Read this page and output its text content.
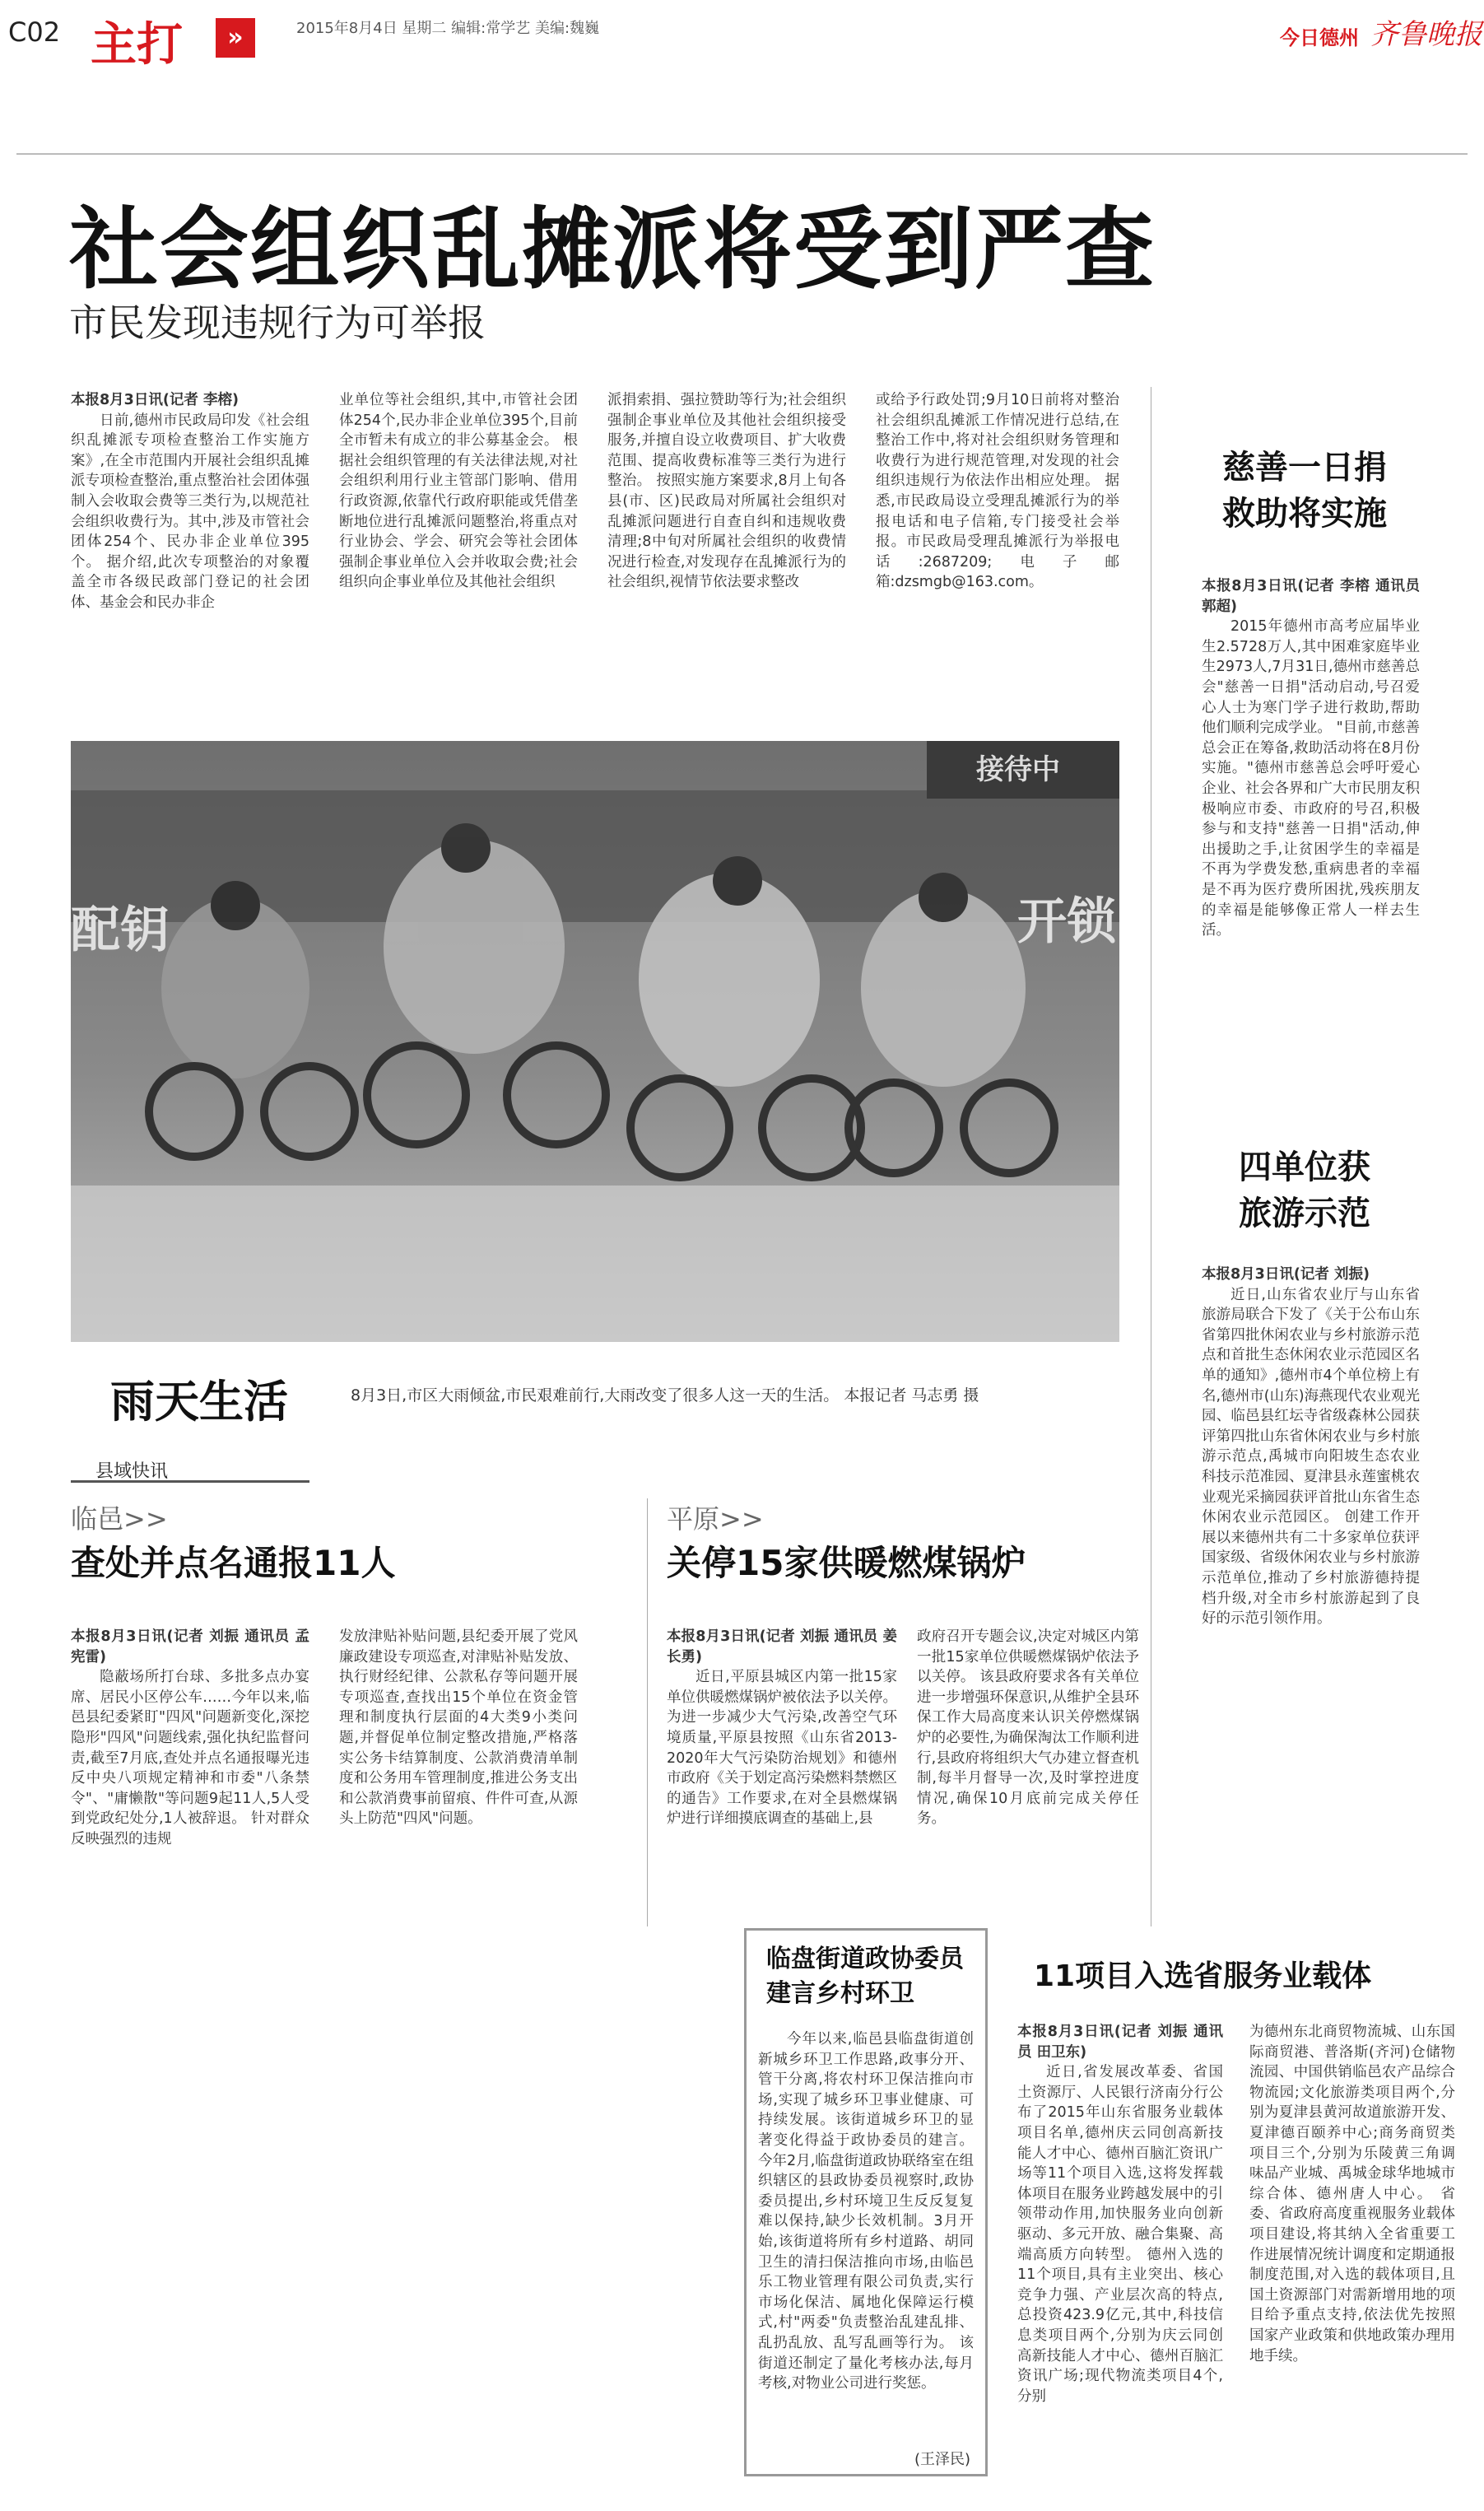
C02 主打	»	2015年8月4日 星期二 编辑:常学艺 美编:魏巍	今日德州 齐鲁晚报
社会组织乱摊派将受到严查
市民发现违规行为可举报

本报8月3日讯(记者 李榕)

日前,德州市民政局印发《社会组织乱摊派专项检查整治工作实施方案》,在全市范围内开展社会组织乱摊派专项检查整治,重点整治社会团体强制入会收取会费等三类行为,以规范社会组织收费行为。其中,涉及市管社会团体254个、民办非企业单位395个。 据介绍,此次专项整治的对象覆盖全市各级民政部门登记的社会团体、基金会和民办非企

业单位等社会组织,其中,市管社会团体254个,民办非企业单位395个,目前全市暂未有成立的非公募基金会。 根据社会组织管理的有关法律法规,对社会组织利用行业主管部门影响、借用行政资源,依靠代行政府职能或凭借垄断地位进行乱摊派问题整治,将重点对行业协会、学会、研究会等社会团体强制企事业单位入会并收取会费;社会组织向企事业单位及其他社会组织

派捐索捐、强拉赞助等行为;社会组织强制企事业单位及其他社会组织接受服务,并擅自设立收费项目、扩大收费范围、提高收费标准等三类行为进行整治。 按照实施方案要求,8月上旬各县(市、区)民政局对所属社会组织对乱摊派问题进行自查自纠和违规收费清理;8中旬对所属社会组织的收费情况进行检查,对发现存在乱摊派行为的社会组织,视情节依法要求整改

或给予行政处罚;9月10日前将对整治社会组织乱摊派工作情况进行总结,在整治工作中,将对社会组织财务管理和收费行为进行规范管理,对发现的社会组织违规行为依法作出相应处理。 据悉,市民政局设立受理乱摊派行为的举报电话和电子信箱,专门接受社会举报。市民政局受理乱摊派行为举报电话:2687209;电子邮箱:dzsmgb@163.com。

慈善一日捐
救助将实施

本报8月3日讯(记者 李榕 通讯员 郭超)

2015年德州市高考应届毕业生2.5728万人,其中困难家庭毕业生2973人,7月31日,德州市慈善总会"慈善一日捐"活动启动,号召爱心人士为寒门学子进行救助,帮助他们顺利完成学业。 "目前,市慈善总会正在筹备,救助活动将在8月份实施。"德州市慈善总会呼吁爱心企业、社会各界和广大市民朋友积极响应市委、市政府的号召,积极参与和支持"慈善一日捐"活动,伸出援助之手,让贫困学生的幸福是不再为学费发愁,重病患者的幸福是不再为医疗费所困扰,残疾朋友的幸福是能够像正常人一样去生活。

四单位获
旅游示范

本报8月3日讯(记者 刘振)

近日,山东省农业厅与山东省旅游局联合下发了《关于公布山东省第四批休闲农业与乡村旅游示范点和首批生态休闲农业示范园区名单的通知》,德州市4个单位榜上有名,德州市(山东)海燕现代农业观光园、临邑县红坛寺省级森林公园获评第四批山东省休闲农业与乡村旅游示范点,禹城市向阳坡生态农业科技示范准园、夏津县永莲蜜桃农业观光采摘园获评首批山东省生态休闲农业示范园区。 创建工作开展以来德州共有二十多家单位获评国家级、省级休闲农业与乡村旅游示范单位,推动了乡村旅游德持提档升级,对全市乡村旅游起到了良好的示范引领作用。

接待中
开锁
配钥
雨天生活	8月3日,市区大雨倾盆,市民艰难前行,大雨改变了很多人这一天的生活。 本报记者 马志勇 摄
县域快讯
临邑>>
查处并点名通报11人

本报8月3日讯(记者 刘振 通讯员 孟宪雷)

隐蔽场所打台球、多批多点办宴席、居民小区停公车……今年以来,临邑县纪委紧盯"四风"问题新变化,深挖隐形"四风"问题线索,强化执纪监督问责,截至7月底,查处并点名通报曝光违反中央八项规定精神和市委"八条禁令"、"庸懒散"等问题9起11人,5人受到党政纪处分,1人被辞退。 针对群众反映强烈的违规

发放津贴补贴问题,县纪委开展了党风廉政建设专项巡查,对津贴补贴发放、执行财经纪律、公款私存等问题开展专项巡查,查找出15个单位在资金管理和制度执行层面的4大类9小类问题,并督促单位制定整改措施,严格落实公务卡结算制度、公款消费清单制度和公务用车管理制度,推进公务支出和公款消费事前留痕、件件可查,从源头上防范"四风"问题。

平原>>
关停15家供暖燃煤锅炉

本报8月3日讯(记者 刘振 通讯员 姜长勇)

近日,平原县城区内第一批15家单位供暖燃煤锅炉被依法予以关停。 为进一步减少大气污染,改善空气环境质量,平原县按照《山东省2013-2020年大气污染防治规划》和德州市政府《关于划定高污染燃料禁燃区的通告》工作要求,在对全县燃煤锅炉进行详细摸底调查的基础上,县

政府召开专题会议,决定对城区内第一批15家单位供暖燃煤锅炉依法予以关停。 该县政府要求各有关单位进一步增强环保意识,从维护全县环保工作大局高度来认识关停燃煤锅炉的必要性,为确保淘汰工作顺利进行,县政府将组织大气办建立督查机制,每半月督导一次,及时掌控进度情况,确保10月底前完成关停任务。

临盘街道政协委员
建言乡村环卫

今年以来,临邑县临盘街道创新城乡环卫工作思路,政事分开、管干分离,将农村环卫保洁推向市场,实现了城乡环卫事业健康、可持续发展。该街道城乡环卫的显著变化得益于政协委员的建言。 今年2月,临盘街道政协联络室在组织辖区的县政协委员视察时,政协委员提出,乡村环境卫生反反复复难以保持,缺少长效机制。3月开始,该街道将所有乡村道路、胡同卫生的清扫保洁推向市场,由临邑乐工物业管理有限公司负责,实行市场化保洁、属地化保障运行模式,村"两委"负责整治乱建乱排、乱扔乱放、乱写乱画等行为。 该街道还制定了量化考核办法,每月考核,对物业公司进行奖惩。

(王泽民)
11项目入选省服务业载体

本报8月3日讯(记者 刘振 通讯员 田卫东)

近日,省发展改革委、省国土资源厅、人民银行济南分行公布了2015年山东省服务业载体项目名单,德州庆云同创高新技能人才中心、德州百脑汇资讯广场等11个项目入选,这将发挥载体项目在服务业跨越发展中的引领带动作用,加快服务业向创新驱动、多元开放、融合集聚、高端高质方向转型。 德州入选的11个项目,具有主业突出、核心竞争力强、产业层次高的特点,总投资423.9亿元,其中,科技信息类项目两个,分别为庆云同创高新技能人才中心、德州百脑汇资讯广场;现代物流类项目4个,分别

为德州东北商贸物流城、山东国际商贸港、普洛斯(齐河)仓储物流园、中国供销临邑农产品综合物流园;文化旅游类项目两个,分别为夏津县黄河故道旅游开发、夏津德百颐养中心;商务商贸类项目三个,分别为乐陵黄三角调味品产业城、禹城金球华地城市综合体、德州唐人中心。 省委、省政府高度重视服务业载体项目建设,将其纳入全省重要工作进展情况统计调度和定期通报制度范围,对入选的载体项目,且国土资源部门对需新增用地的项目给予重点支持,依法优先按照国家产业政策和供地政策办理用地手续。
